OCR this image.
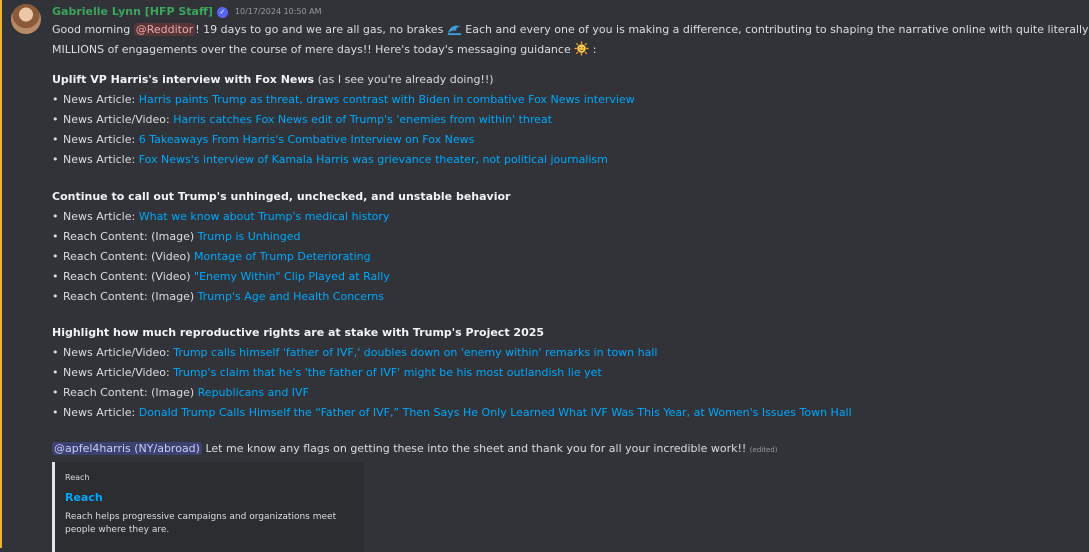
Gabrielle Lynn [HFP Staff] ✓	10/17/2024 10:50 AM
Good morning @Redditor ! 19 days to go and we are all gas, no brakes  Each and every one of you is making a difference, contributing to shaping the narrative online with quite literally
MILLIONS of engagements over the course of mere days!! Here's today's messaging guidance  :
Uplift VP Harris's interview with Fox News (as I see you're already doing!!)
• News Article: Harris paints Trump as threat, draws contrast with Biden in combative Fox News interview
• News Article/Video: Harris catches Fox News edit of Trump's 'enemies from within' threat
• News Article: 6 Takeaways From Harris's Combative Interview on Fox News
• News Article: Fox News's interview of Kamala Harris was grievance theater, not political journalism
Continue to call out Trump's unhinged, unchecked, and unstable behavior
• News Article: What we know about Trump's medical history
• Reach Content: (Image) Trump is Unhinged
• Reach Content: (Video) Montage of Trump Deteriorating
• Reach Content: (Video) "Enemy Within" Clip Played at Rally
• Reach Content: (Image) Trump's Age and Health Concerns
Highlight how much reproductive rights are at stake with Trump's Project 2025
• News Article/Video: Trump calls himself 'father of IVF,' doubles down on 'enemy within' remarks in town hall
• News Article/Video: Trump's claim that he's 'the father of IVF' might be his most outlandish lie yet
• Reach Content: (Image) Republicans and IVF
• News Article: Donald Trump Calls Himself the “Father of IVF,” Then Says He Only Learned What IVF Was This Year, at Women's Issues Town Hall
@apfel4harris (NY/abroad) Let me know any flags on getting these into the sheet and thank you for all your incredible work!! (edited)
Reach
Reach
Reach helps progressive campaigns and organizations meet people where they are.
